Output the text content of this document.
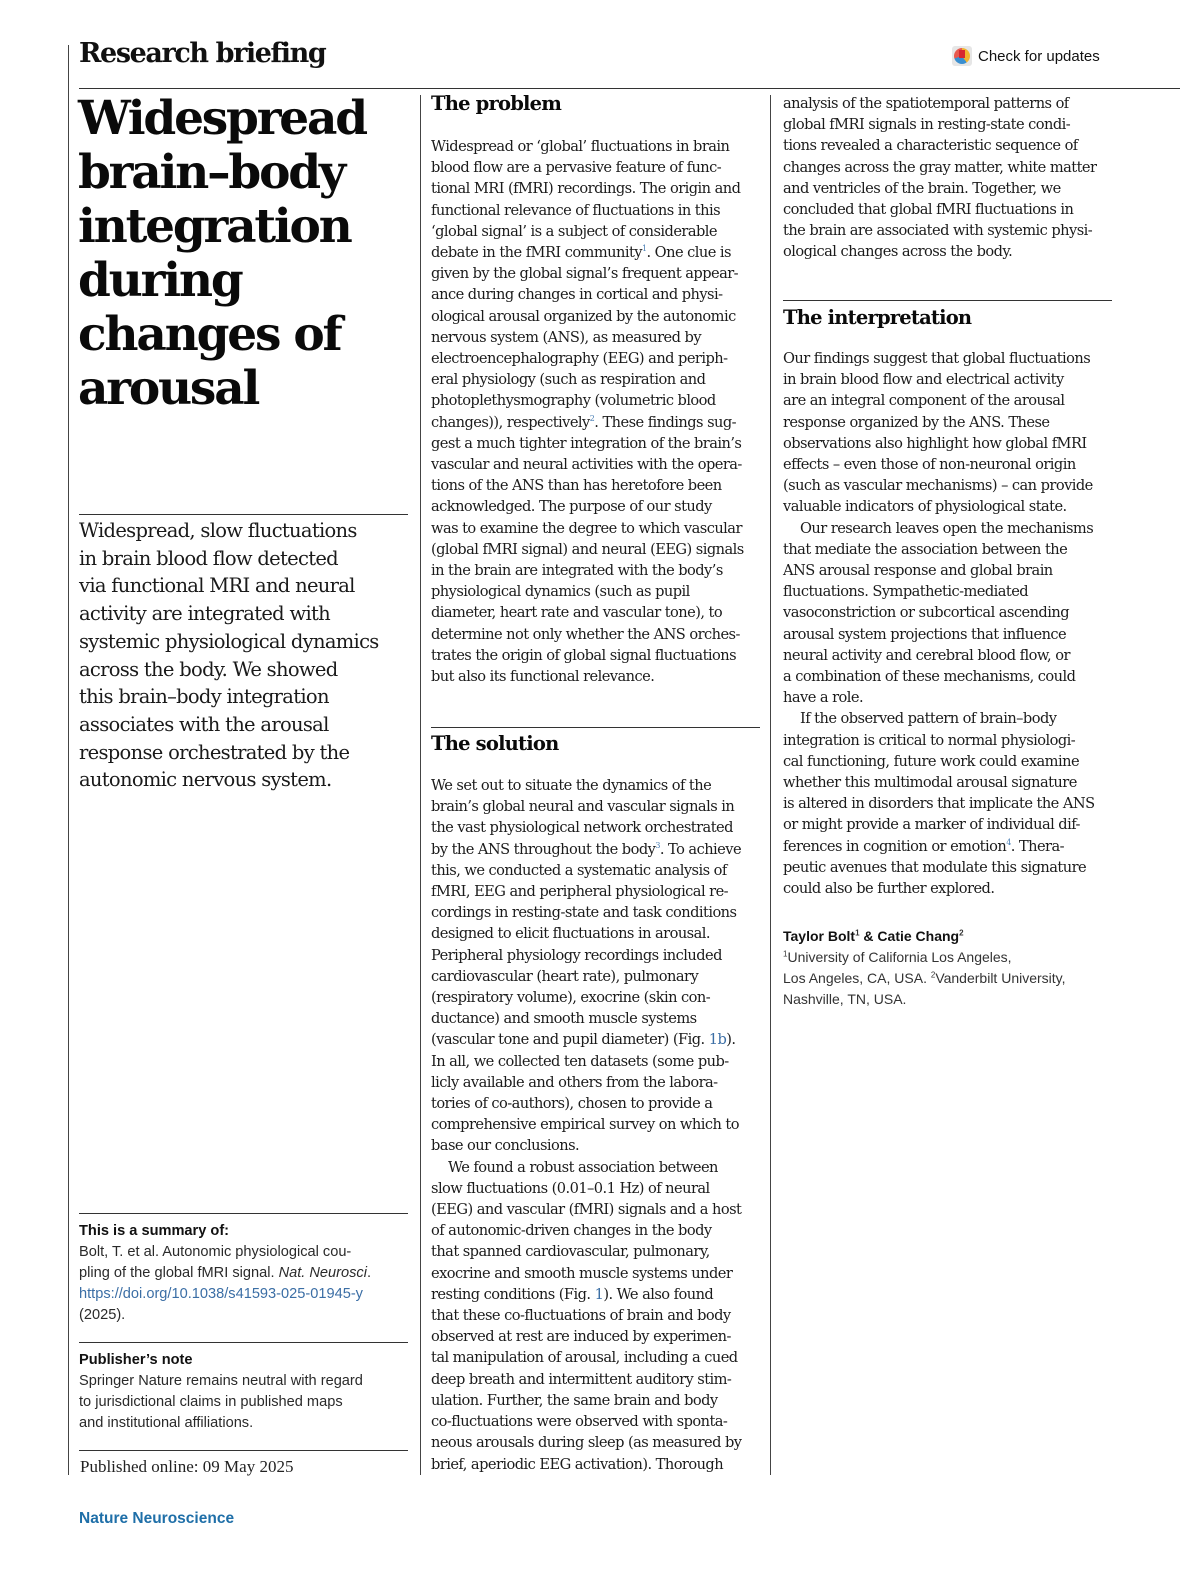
Research briefing	Check for updates
Widespread
brain–body
integration
during
changes of
arousal
Widespread, slow fluctuations
in brain blood flow detected
via functional MRI and neural
activity are integrated with
systemic physiological dynamics
across the body. We showed
this brain–body integration
associates with the arousal
response orchestrated by the
autonomic nervous system.
This is a summary of:
Bolt, T. et al. Autonomic physiological cou-
pling of the global fMRI signal. Nat. Neurosci.
https://doi.org/10.1038/s41593-025-01945-y
(2025).
Publisher’s note
Springer Nature remains neutral with regard
to jurisdictional claims in published maps
and institutional affiliations.
Published online: 09 May 2025
Nature Neuroscience
The problem
Widespread or ‘global’ fluctuations in brain
blood flow are a pervasive feature of func-
tional MRI (fMRI) recordings. The origin and
functional relevance of fluctuations in this
‘global signal’ is a subject of considerable
debate in the fMRI community$^1$. One clue is
given by the global signal’s frequent appear-
ance during changes in cortical and physi-
ological arousal organized by the autonomic
nervous system (ANS), as measured by
electroencephalography (EEG) and periph-
eral physiology (such as respiration and
photoplethysmography (volumetric blood
changes)), respectively$^2$. These findings sug-
gest a much tighter integration of the brain’s
vascular and neural activities with the opera-
tions of the ANS than has heretofore been
acknowledged. The purpose of our study
was to examine the degree to which vascular
(global fMRI signal) and neural (EEG) signals
in the brain are integrated with the body’s
physiological dynamics (such as pupil
diameter, heart rate and vascular tone), to
determine not only whether the ANS orches-
trates the origin of global signal fluctuations
but also its functional relevance.
The solution
We set out to situate the dynamics of the
brain’s global neural and vascular signals in
the vast physiological network orchestrated
by the ANS throughout the body$^3$. To achieve
this, we conducted a systematic analysis of
fMRI, EEG and peripheral physiological re-
cordings in resting-state and task conditions
designed to elicit fluctuations in arousal.
Peripheral physiology recordings included
cardiovascular (heart rate), pulmonary
(respiratory volume), exocrine (skin con-
ductance) and smooth muscle systems
(vascular tone and pupil diameter) (Fig. 1b).
In all, we collected ten datasets (some pub-
licly available and others from the labora-
tories of co-authors), chosen to provide a
comprehensive empirical survey on which to
base our conclusions.
We found a robust association between
slow fluctuations (0.01–0.1 Hz) of neural
(EEG) and vascular (fMRI) signals and a host
of autonomic-driven changes in the body
that spanned cardiovascular, pulmonary,
exocrine and smooth muscle systems under
resting conditions (Fig. 1). We also found
that these co-fluctuations of brain and body
observed at rest are induced by experimen-
tal manipulation of arousal, including a cued
deep breath and intermittent auditory stim-
ulation. Further, the same brain and body
co-fluctuations were observed with sponta-
neous arousals during sleep (as measured by
brief, aperiodic EEG activation). Thorough
analysis of the spatiotemporal patterns of
global fMRI signals in resting-state condi-
tions revealed a characteristic sequence of
changes across the gray matter, white matter
and ventricles of the brain. Together, we
concluded that global fMRI fluctuations in
the brain are associated with systemic physi-
ological changes across the body.
The interpretation
Our findings suggest that global fluctuations
in brain blood flow and electrical activity
are an integral component of the arousal
response organized by the ANS. These
observations also highlight how global fMRI
effects – even those of non-neuronal origin
(such as vascular mechanisms) – can provide
valuable indicators of physiological state.
Our research leaves open the mechanisms
that mediate the association between the
ANS arousal response and global brain
fluctuations. Sympathetic-mediated
vasoconstriction or subcortical ascending
arousal system projections that influence
neural activity and cerebral blood flow, or
a combination of these mechanisms, could
have a role.
If the observed pattern of brain–body
integration is critical to normal physiologi-
cal functioning, future work could examine
whether this multimodal arousal signature
is altered in disorders that implicate the ANS
or might provide a marker of individual dif-
ferences in cognition or emotion$^4$. Thera-
peutic avenues that modulate this signature
could also be further explored.
Taylor Bolt$^1$ & Catie Chang$^2$
$^1$University of California Los Angeles,
Los Angeles, CA, USA. $^2$Vanderbilt University,
Nashville, TN, USA.
